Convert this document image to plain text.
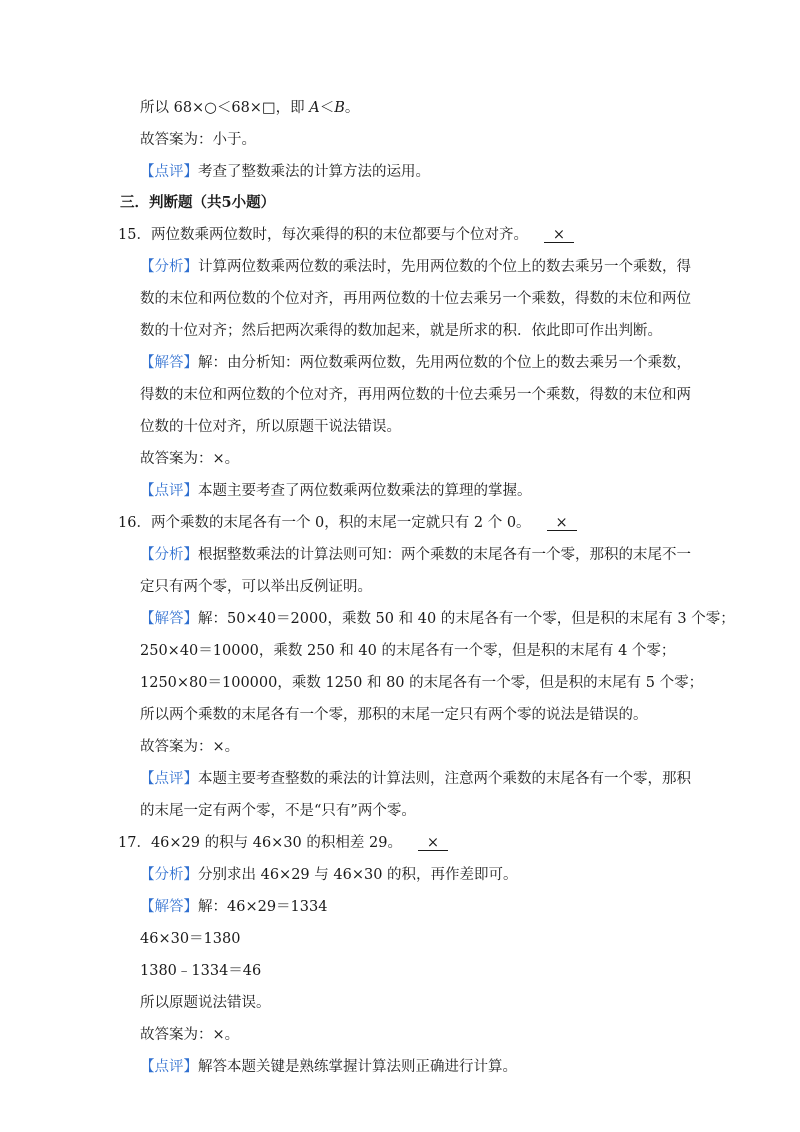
所以 68×○＜68×□，即 A＜B。
故答案为：小于。
【点评】考查了整数乘法的计算方法的运用。
三．判断题（共5小题）
15．两位数乘两位数时，每次乘得的积的末位都要与个位对齐。 ×
【分析】计算两位数乘两位数的乘法时，先用两位数的个位上的数去乘另一个乘数，得
数的末位和两位数的个位对齐，再用两位数的十位去乘另一个乘数，得数的末位和两位
数的十位对齐；然后把两次乘得的数加起来，就是所求的积．依此即可作出判断。
【解答】解：由分析知：两位数乘两位数，先用两位数的个位上的数去乘另一个乘数，
得数的末位和两位数的个位对齐，再用两位数的十位去乘另一个乘数，得数的末位和两
位数的十位对齐，所以原题干说法错误。
故答案为：×。
【点评】本题主要考查了两位数乘两位数乘法的算理的掌握。
16．两个乘数的末尾各有一个 0，积的末尾一定就只有 2 个 0。 ×
【分析】根据整数乘法的计算法则可知：两个乘数的末尾各有一个零，那积的末尾不一
定只有两个零，可以举出反例证明。
【解答】解：50×40＝2000，乘数 50 和 40 的末尾各有一个零，但是积的末尾有 3 个零；
250×40＝10000，乘数 250 和 40 的末尾各有一个零，但是积的末尾有 4 个零；
1250×80＝100000，乘数 1250 和 80 的末尾各有一个零，但是积的末尾有 5 个零；
所以两个乘数的末尾各有一个零，那积的末尾一定只有两个零的说法是错误的。
故答案为：×。
【点评】本题主要考查整数的乘法的计算法则，注意两个乘数的末尾各有一个零，那积
的末尾一定有两个零，不是“只有”两个零。
17．46×29 的积与 46×30 的积相差 29。 ×
【分析】分别求出 46×29 与 46×30 的积，再作差即可。
【解答】解：46×29＝1334
46×30＝1380
1380﹣1334＝46
所以原题说法错误。
故答案为：×。
【点评】解答本题关键是熟练掌握计算法则正确进行计算。
